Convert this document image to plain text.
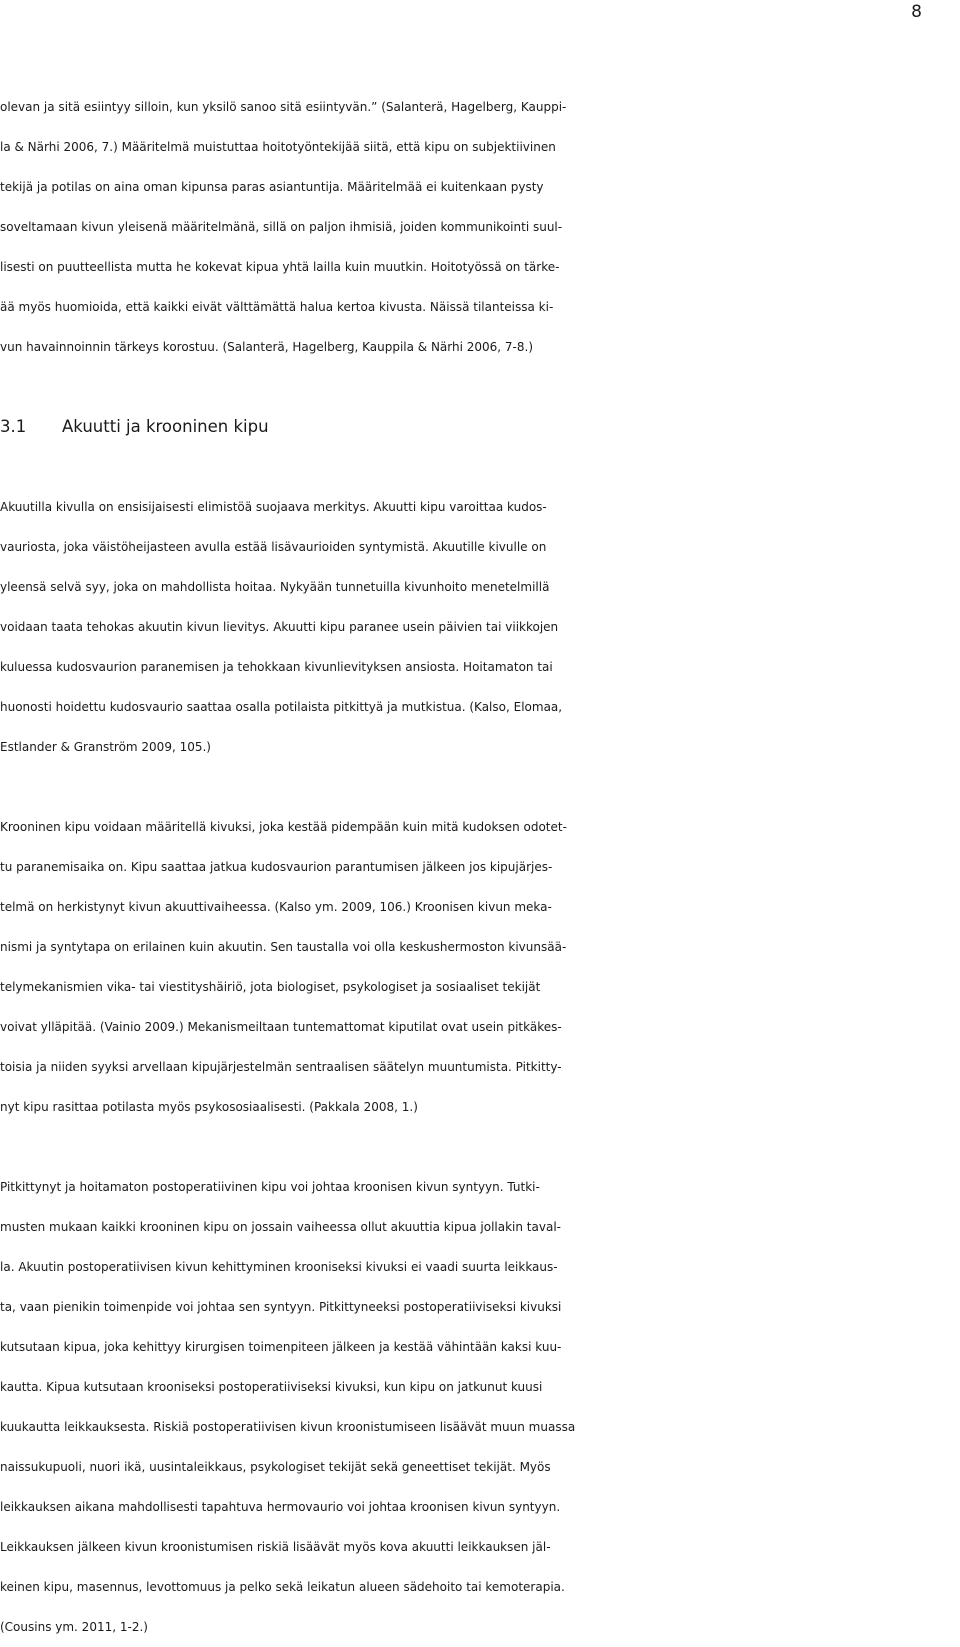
8
olevan ja sitä esiintyy silloin, kun yksilö sanoo sitä esiintyvän.” (Salanterä, Hagelberg, Kauppi-
la & Närhi 2006, 7.) Määritelmä muistuttaa hoitotyöntekijää siitä, että kipu on subjektiivinen
tekijä ja potilas on aina oman kipunsa paras asiantuntija. Määritelmää ei kuitenkaan pysty
soveltamaan kivun yleisenä määritelmänä, sillä on paljon ihmisiä, joiden kommunikointi suul-
lisesti on puutteellista mutta he kokevat kipua yhtä lailla kuin muutkin. Hoitotyössä on tärke-
ää myös huomioida, että kaikki eivät välttämättä halua kertoa kivusta. Näissä tilanteissa ki-
vun havainnoinnin tärkeys korostuu. (Salanterä, Hagelberg, Kauppila & Närhi 2006, 7-8.)
3.1 Akuutti ja krooninen kipu
Akuutilla kivulla on ensisijaisesti elimistöä suojaava merkitys. Akuutti kipu varoittaa kudos-
vauriosta, joka väistöheijasteen avulla estää lisävaurioiden syntymistä. Akuutille kivulle on
yleensä selvä syy, joka on mahdollista hoitaa. Nykyään tunnetuilla kivunhoito menetelmillä
voidaan taata tehokas akuutin kivun lievitys. Akuutti kipu paranee usein päivien tai viikkojen
kuluessa kudosvaurion paranemisen ja tehokkaan kivunlievityksen ansiosta. Hoitamaton tai
huonosti hoidettu kudosvaurio saattaa osalla potilaista pitkittyä ja mutkistua. (Kalso, Elomaa,
Estlander & Granström 2009, 105.)
Krooninen kipu voidaan määritellä kivuksi, joka kestää pidempään kuin mitä kudoksen odotet-
tu paranemisaika on. Kipu saattaa jatkua kudosvaurion parantumisen jälkeen jos kipujärjes-
telmä on herkistynyt kivun akuuttivaiheessa. (Kalso ym. 2009, 106.) Kroonisen kivun meka-
nismi ja syntytapa on erilainen kuin akuutin. Sen taustalla voi olla keskushermoston kivunsää-
telymekanismien vika- tai viestityshäiriö, jota biologiset, psykologiset ja sosiaaliset tekijät
voivat ylläpitää. (Vainio 2009.) Mekanismeiltaan tuntemattomat kiputilat ovat usein pitkäkes-
toisia ja niiden syyksi arvellaan kipujärjestelmän sentraalisen säätelyn muuntumista. Pitkitty-
nyt kipu rasittaa potilasta myös psykososiaalisesti. (Pakkala 2008, 1.)
Pitkittynyt ja hoitamaton postoperatiivinen kipu voi johtaa kroonisen kivun syntyyn. Tutki-
musten mukaan kaikki krooninen kipu on jossain vaiheessa ollut akuuttia kipua jollakin taval-
la. Akuutin postoperatiivisen kivun kehittyminen krooniseksi kivuksi ei vaadi suurta leikkaus-
ta, vaan pienikin toimenpide voi johtaa sen syntyyn. Pitkittyneeksi postoperatiiviseksi kivuksi
kutsutaan kipua, joka kehittyy kirurgisen toimenpiteen jälkeen ja kestää vähintään kaksi kuu-
kautta. Kipua kutsutaan krooniseksi postoperatiiviseksi kivuksi, kun kipu on jatkunut kuusi
kuukautta leikkauksesta. Riskiä postoperatiivisen kivun kroonistumiseen lisäävät muun muassa
naissukupuoli, nuori ikä, uusintaleikkaus, psykologiset tekijät sekä geneettiset tekijät. Myös
leikkauksen aikana mahdollisesti tapahtuva hermovaurio voi johtaa kroonisen kivun syntyyn.
Leikkauksen jälkeen kivun kroonistumisen riskiä lisäävät myös kova akuutti leikkauksen jäl-
keinen kipu, masennus, levottomuus ja pelko sekä leikatun alueen sädehoito tai kemoterapia.
(Cousins ym. 2011, 1-2.)
